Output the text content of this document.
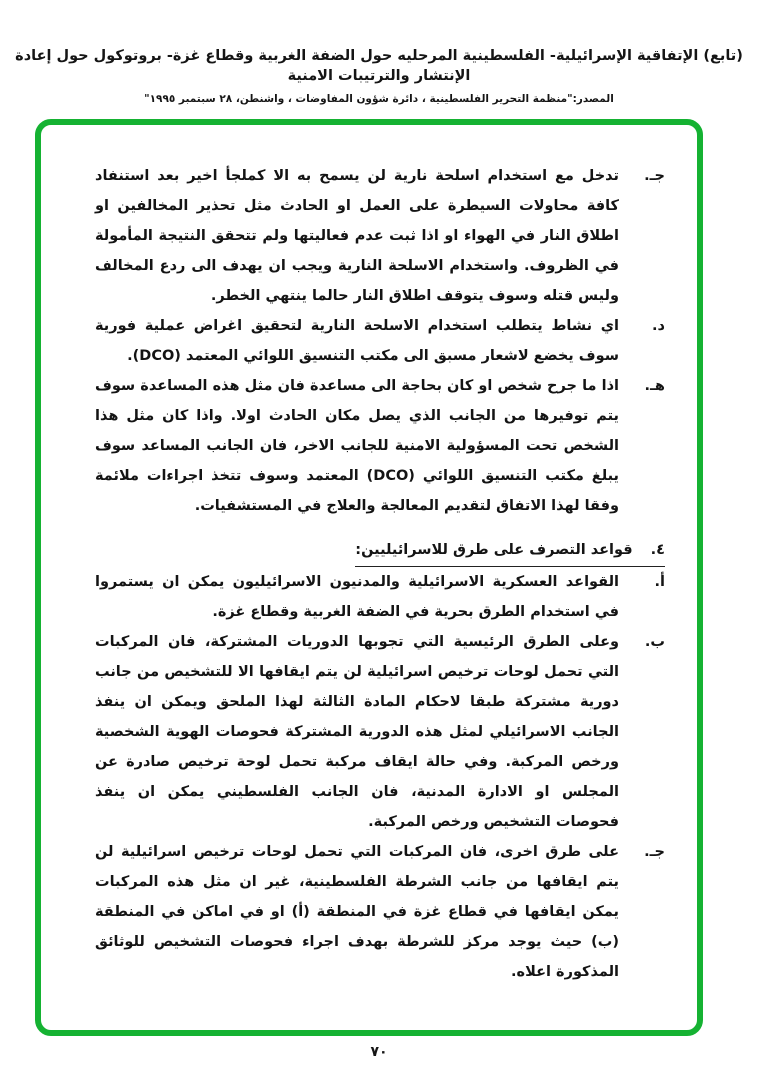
(تابع) الإتفاقية الإسرائيلية- الفلسطينية المرحليه حول الضفة الغربية وقطاع غزة- بروتوكول حول إعادة الإنتشار والترتيبات الامنية
المصدر:"منظمة التحرير الفلسطينية ، دائرة شؤون المفاوضات ، واشنطن، ٢٨ سبتمبر ١٩٩٥"
جـ.
تدخل مع استخدام اسلحة نارية لن يسمح به الا كملجأ اخير بعد استنفاد كافة محاولات السيطرة على العمل او الحادث مثل تحذير المخالفين او اطلاق النار في الهواء او اذا ثبت عدم فعاليتها ولم تتحقق النتيجة المأمولة في الظروف. واستخدام الاسلحة النارية ويجب ان يهدف الى ردع المخالف وليس قتله وسوف يتوقف اطلاق النار حالما ينتهي الخطر.
د.
اي نشاط يتطلب استخدام الاسلحة النارية لتحقيق اغراض عملية فورية سوف يخضع لاشعار مسبق الى مكتب التنسيق اللوائي المعتمد (DCO).
هـ.
اذا ما جرح شخص او كان بحاجة الى مساعدة فان مثل هذه المساعدة سوف يتم توفيرها من الجانب الذي يصل مكان الحادث اولا. واذا كان مثل هذا الشخص تحت المسؤولية الامنية للجانب الاخر، فان الجانب المساعد سوف يبلغ مكتب التنسيق اللوائي (DCO) المعتمد وسوف تتخذ اجراءات ملائمة وفقا لهذا الاتفاق لتقديم المعالجة والعلاج في المستشفيات.
٤.قواعد التصرف على طرق للاسرائيليين:
أ.
القواعد العسكرية الاسرائيلية والمدنيون الاسرائيليون يمكن ان يستمروا في استخدام الطرق بحرية في الضفة الغربية وقطاع غزة.
ب.
وعلى الطرق الرئيسية التي تجوبها الدوريات المشتركة، فان المركبات التي تحمل لوحات ترخيص اسرائيلية لن يتم ايقافها الا للتشخيص من جانب دورية مشتركة طبقا لاحكام المادة الثالثة لهذا الملحق ويمكن ان ينفذ الجانب الاسرائيلي لمثل هذه الدورية المشتركة فحوصات الهوية الشخصية ورخص المركبة. وفي حالة ايقاف مركبة تحمل لوحة ترخيص صادرة عن المجلس او الادارة المدنية، فان الجانب الفلسطيني يمكن ان ينفذ فحوصات التشخيص ورخص المركبة.
جـ.
على طرق اخرى، فان المركبات التي تحمل لوحات ترخيص اسرائيلية لن يتم ايقافها من جانب الشرطة الفلسطينية، غير ان مثل هذه المركبات يمكن ايقافها في قطاع غزة في المنطقة (أ) او في اماكن في المنطقة (ب) حيث يوجد مركز للشرطة بهدف اجراء فحوصات التشخيص للوثائق المذكورة اعلاه.
٧٠
